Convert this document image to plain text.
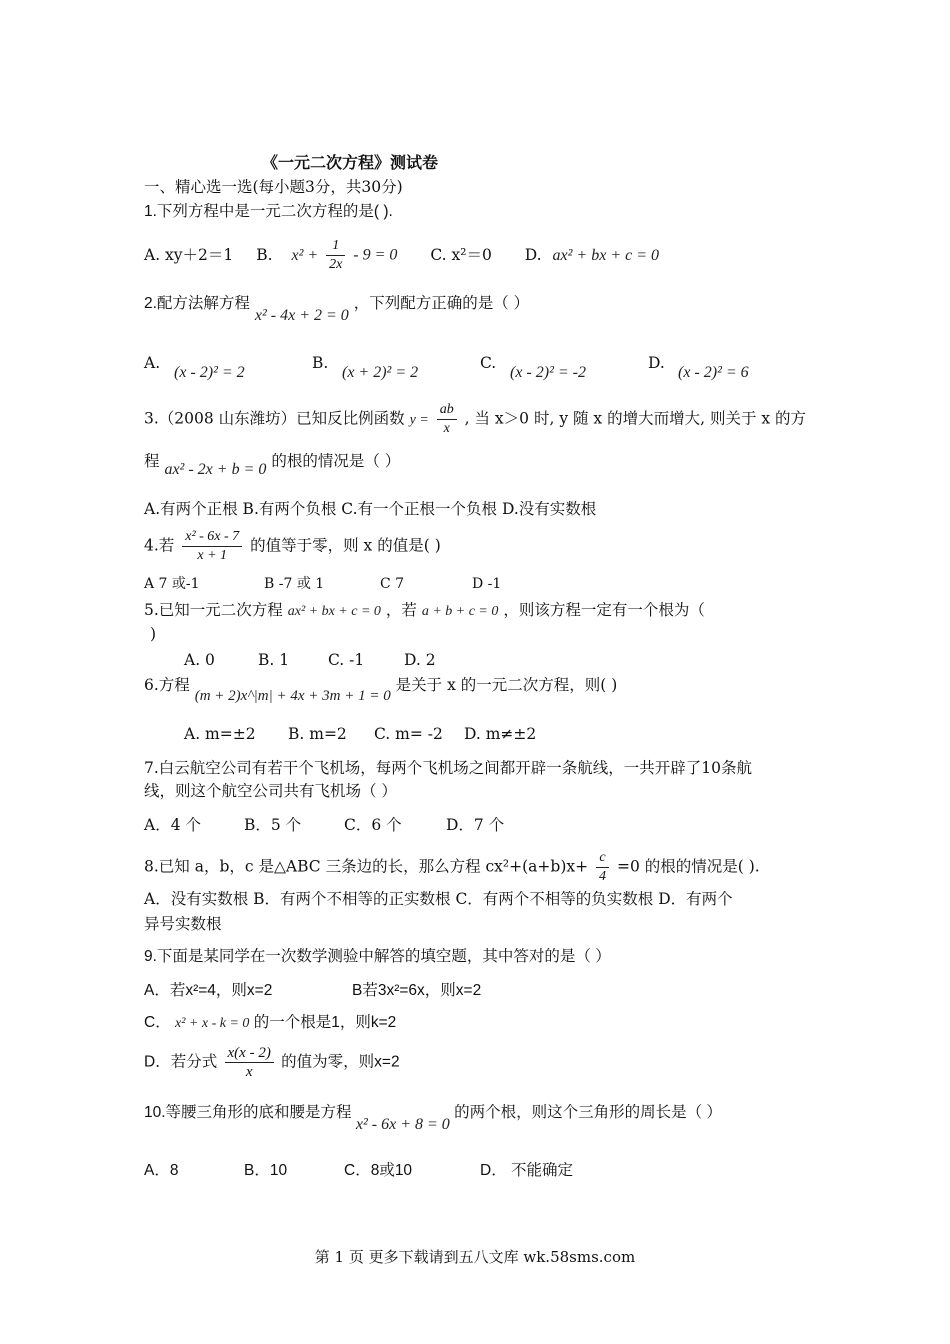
《一元二次方程》测试卷
一、精心选一选(每小题3分，共30分)
1.下列方程中是一元二次方程的是( ).
A. xy＋2＝1 B. $x^2 + \frac{1}{2x} - 9 = 0$ C. x²＝0 D. ax² + bx + c = 0
2.配方法解方程 x² - 4x + 2 = 0 ，下列配方正确的是（ ）
A.
(x - 2)² = 2
B.
(x + 2)² = 2
C.
(x - 2)² = -2
D.
(x - 2)² = 6
3.（2008 山东潍坊）已知反比例函数 $y = \frac{ab}{x}$ , 当 x＞0 时, y 随 x 的增大而增大, 则关于 x 的方
程 ax² - 2x + b = 0 的根的情况是（ ）
A.有两个正根 B.有两个负根 C.有一个正根一个负根 D.没有实数根
4.若 $\frac{\text{x² - 6x - 7}}{x + 1}$ 的值等于零，则 x 的值是( )
A 7 或-1	B -7 或 1	C 7	D -1
5.已知一元二次方程 ax² + bx + c = 0 ，若 a + b + c = 0 ，则该方程一定有一个根为（
)
A. 0	B. 1	C. -1	D. 2
6.方程 (m + 2)x^|m| + 4x + 3m + 1 = 0 是关于 x 的一元二次方程，则( )
A. m=±2 B. m=2 C. m= -2 D. m≠±2
7.白云航空公司有若干个飞机场，每两个飞机场之间都开辟一条航线，一共开辟了10条航
线，则这个航空公司共有飞机场（ ）
A．4 个	B．5 个	C．6 个	D．7 个
8.已知 a，b，c 是△ABC 三条边的长，那么方程 $cx^2+(a+b)x+ \frac{c}{4} =0$ 的根的情况是( ).
A．没有实数根 B．有两个不相等的正实数根 C．有两个不相等的负实数根 D．有两个
异号实数根
9.下面是某同学在一次数学测验中解答的填空题，其中答对的是（ ）
A．若x²=4，则x=2	B若3x²=6x，则x=2
C． x² + x - k = 0 的一个根是1，则k=2
D．若分式 $\frac{x(x - 2)}{x}$ 的值为零，则x=2
10.等腰三角形的底和腰是方程 x² - 6x + 8 = 0 的两个根，则这个三角形的周长是（ ）
A．8	B．10	C．8或10	D． 不能确定
第 1 页 更多下载请到五八文库 wk.58sms.com
